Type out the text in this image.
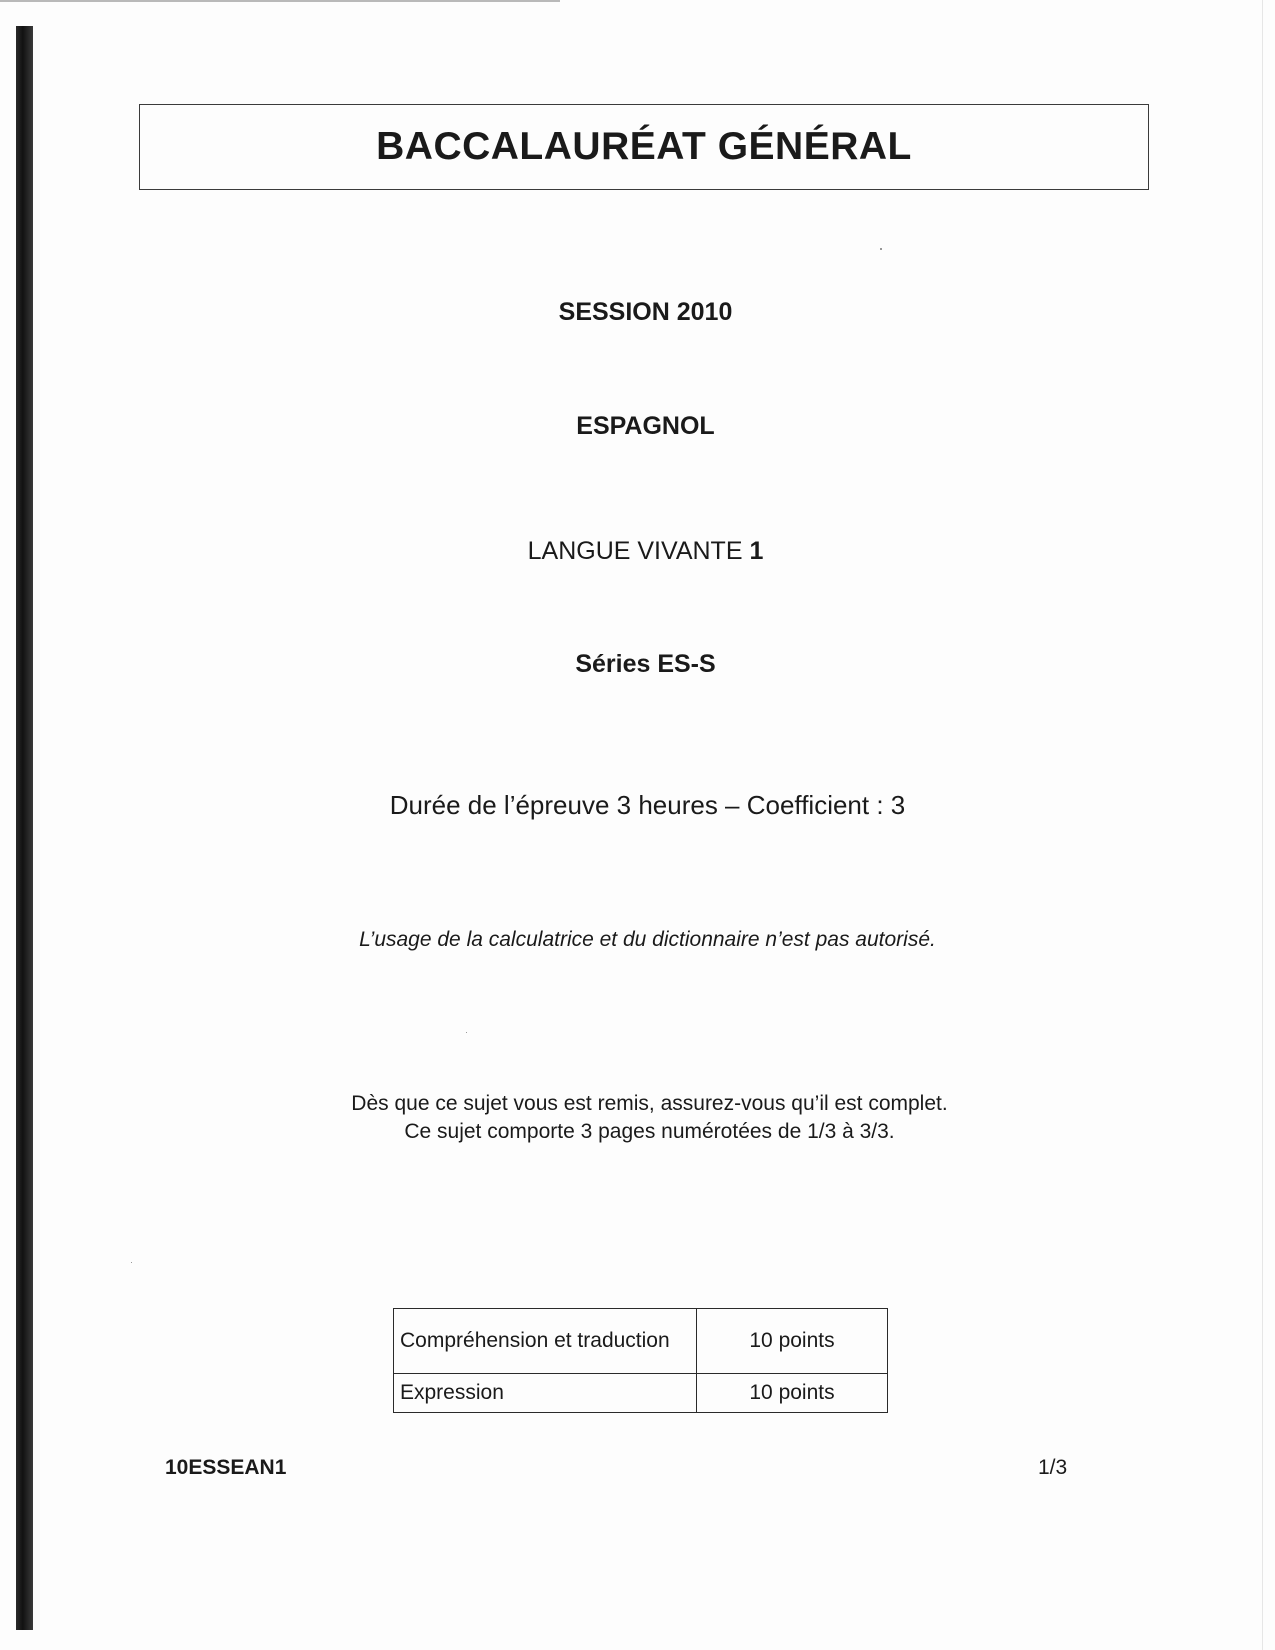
BACCALAURÉAT GÉNÉRAL

SESSION 2010

ESPAGNOL

LANGUE VIVANTE 1

Séries ES-S

Durée de l’épreuve 3 heures – Coefficient : 3

L’usage de la calculatrice et du dictionnaire n’est pas autorisé.

Dès que ce sujet vous est remis, assurez-vous qu’il est complet.

Ce sujet comporte 3 pages numérotées de 1/3 à 3/3.

Compréhension et traduction	10 points
Expression	10 points
10ESSEAN1	1/3
